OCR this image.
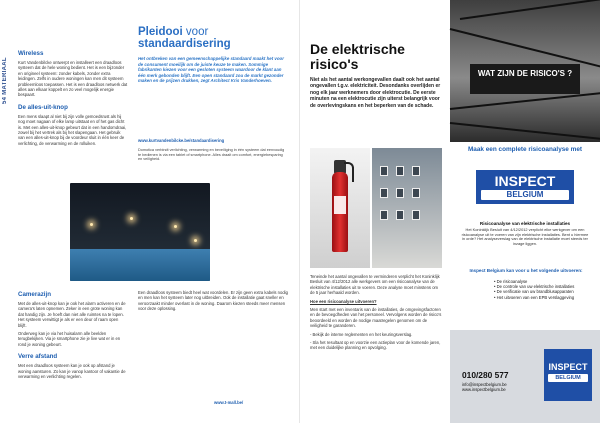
54 MATERIAAL
Wireless
Kurt Vandenbilcke ontwerpt en installeert een draadloos systeem dat de hele woning bedient. Het is een bijzonder en origineel systeem: zonder kabels, zonder extra leidingen. Zelfs in oudere woningen kan men dit systeem probleemloos toepassen. Het is een draadloos netwerk dat alles aan elkaar koppelt en zo veel mogelijk energie bespaart.
De alles-uit-knop
Een mens slaapt al niet bij zijn volle gemoedsrust als hij nog moet nagaan of elke lamp uitstaat en of het gas dicht is. Met een alles-uit-knop gebeurt dat in een handomdraai, zowel bij het vertrek als bij het slapengaan. Het gebruik van een alles-uit-knop bij de voordeur sluit in één keer de verlichting, de verwarming en de rolluiken.
Camerazijn
Met de alles-uit-knop kan je ook het alarm activeren en de camera's laten opnemen. Zeker in een grote woning kan dat handig zijn. Je hoeft dan niet alle ruimtes na te lopen. Het systeem verwittigt je als er een deur of raam open blijft.
Onderweg kan je via het huisalarm alle beelden terugbekijken. Via je smartphone zie je live wat er in en rond je woning gebeurt.
Verre afstand
Met een draadloos systeem kan je ook op afstand je woning aansturen. Zo kan je vanop kantoor of vakantie de verwarming en verlichting regelen.
Pleidooi voor
standaardisering
Het ontbreken van een gemeenschappelijke standaard maakt het voor de consument moeilijk om de juiste keuze te maken. Sommige fabrikanten kiezen voor een gesloten systeem waardoor de klant aan één merk gebonden blijft. Een open standaard zou de markt gezonder maken en de prijzen drukken, zegt Architect Kris Vanderhoeven.
www.kurtvandenbilcke.be/standaardisering
Domotica verbindt verlichting, verwarming en beveiliging in één systeem dat eenvoudig te bedienen is via een tablet of smartphone. Alles draait om comfort, energiebesparing en veiligheid.
Een draadloos systeem biedt heel wat voordelen. Er zijn geen extra kabels nodig en men kan het systeem later nog uitbreiden. Ook de installatie gaat sneller en veroorzaakt minder overlast in de woning. Daarom kiezen steeds meer mensen voor deze oplossing.
www.t-mall.be/
De elektrische
risico's
Niet als het aantal werkongevallen daalt ook het aantal ongevallen t.g.v. elektriciteit. Desondanks overlijden er nog elk jaar werknemers door elektrocutie. De eerste minuten na een elektrocutie zijn uiterst belangrijk voor de overlevingskans en het beperken van de schade.
Teneinde het aantal ongevallen te verminderen verplicht het Koninklijk Besluit van 4/12/2012 alle werkgevers om een risicoanalyse van de elektrische installaties uit te voeren. Deze analyse moet minstens om de 5 jaar herhaald worden.
Hoe een risicoanalyse uitvoeren?
Men start met een inventaris van de installaties, de omgevingsfactoren en de bevoegdheden van het personeel. Vervolgens worden de risico's beoordeeld en worden de nodige maatregelen genomen om de veiligheid te garanderen.
- Bekijk de interne reglementen en het keuringsverslag.
- Sla het resultaat op en voorzie een actieplan voor de komende jaren, met een duidelijke planning en opvolging.
WAT ZIJN DE RISICO'S ?
Maak een complete risicoanalyse met
INSPECT
BELGIUM
Risicoanalyse van elektrische installaties
Het Koninklijk Besluit van 4/12/2012 verplicht elke werkgever om een risicoanalyse uit te voeren van zijn elektrische installaties. Bent u hiermee in orde? Het analyseverslag van de elektrische installatie moet steeds ter inzage liggen.
Inspect Belgium kan voor u het volgende uitvoeren:
• De risicoanalyse
• De controle van uw elektrische installaties
• De verificatie van uw brandblusapparaten
• Het uitvoeren van een EPB verslaggeving
010/280 577
info@inspectbelgium.be
www.inspectbelgium.be
INSPECT
BELGIUM
